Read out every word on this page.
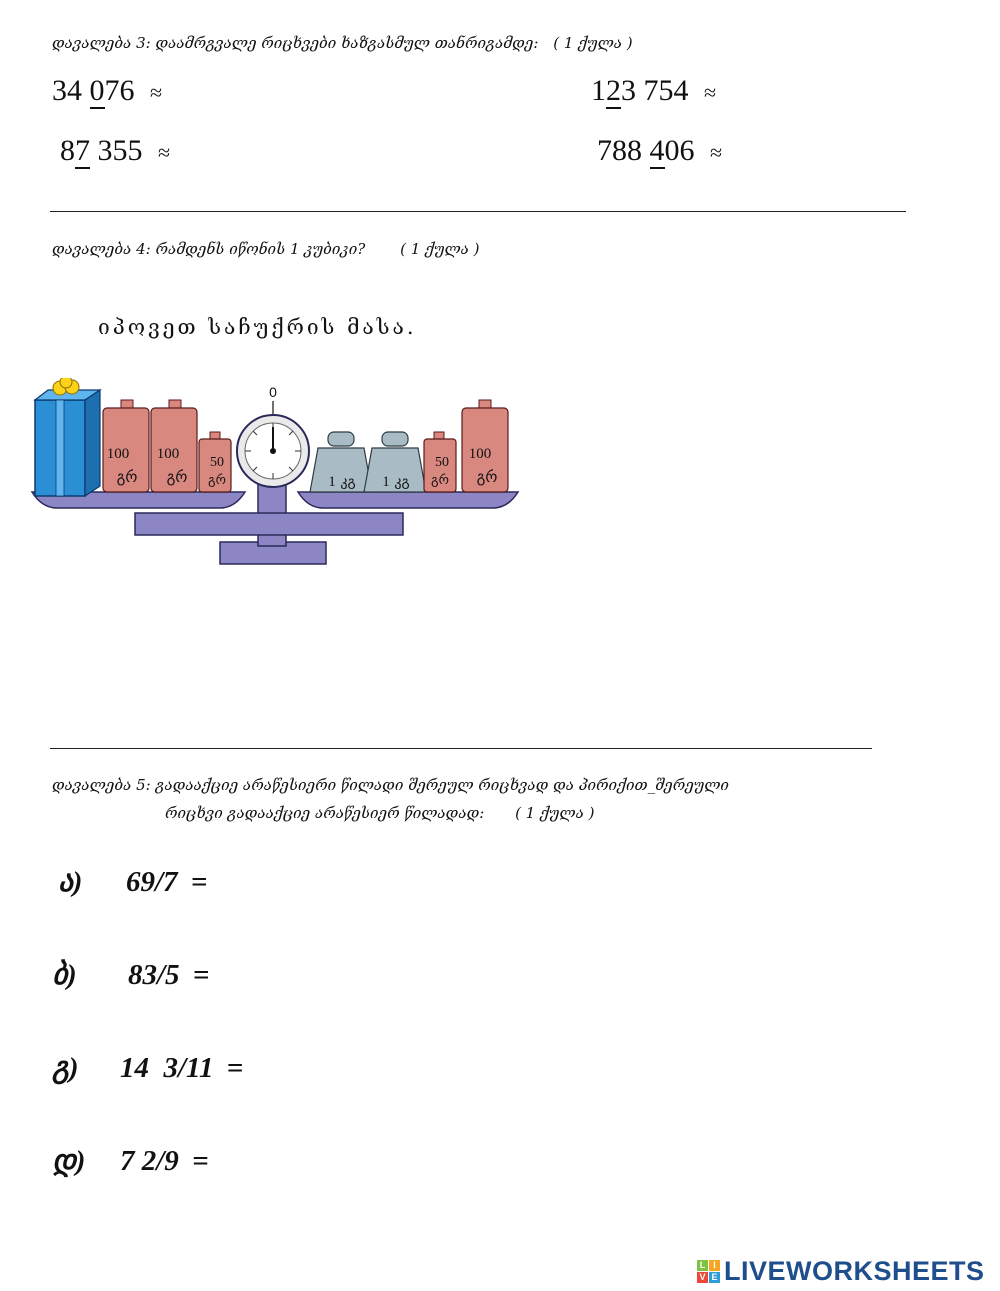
დავალება 3: დაამრგვალე რიცხვები ხაზგასმულ თანრიგამდე: ( 1 ქულა )
34 076 ≈	123 754 ≈
87 355 ≈	788 406 ≈
დავალება 4: რამდენს იწონის 1 კუბიკი? ( 1 ქულა )
იპოვეთ საჩუქრის მასა.
100
გრ
100
გრ
50
გრ
0
1 კგ 1 კგ
50
გრ
100
გრ
დავალება 5: გადააქციე არაწესიერი წილადი შერეულ რიცხვად და პირიქით_შერეული
რიცხვი გადააქციე არაწესიერ წილადად: ( 1 ქულა )
ა) 69/7 =
ბ) 83/5 =
გ) 14  3/11 =
დ) 7 2/9 =
L I
V E LIVEWORKSHEETS
